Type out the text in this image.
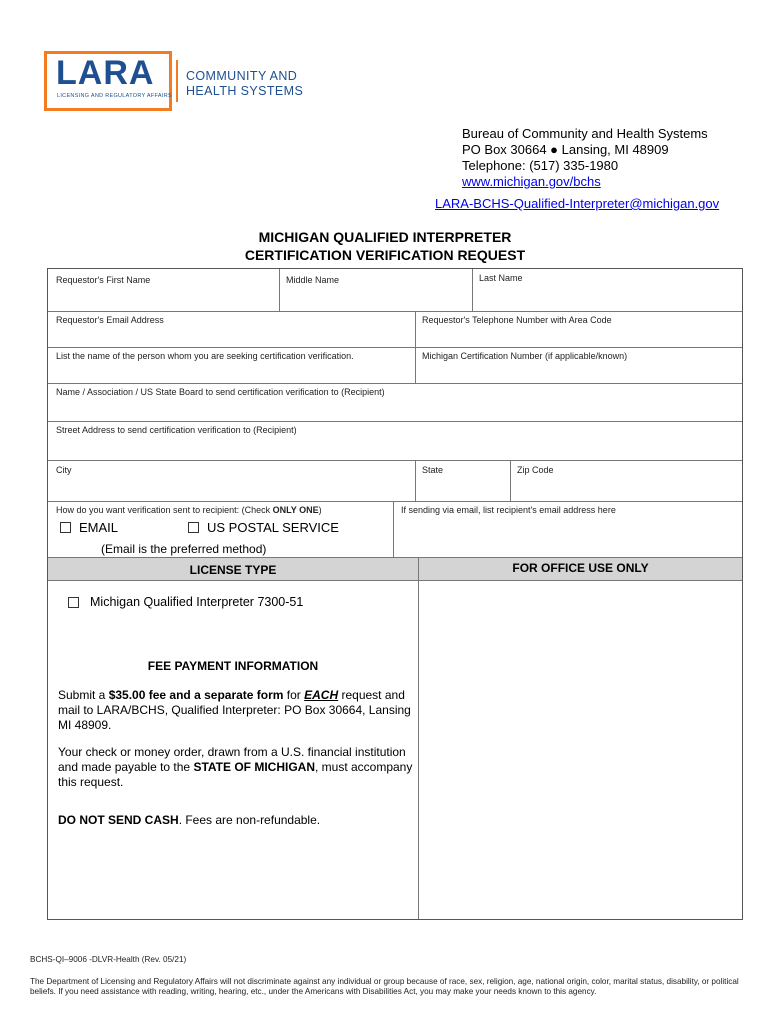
LARA
LICENSING AND REGULATORY AFFAIRS
COMMUNITY AND
HEALTH SYSTEMS
Bureau of Community and Health Systems
PO Box 30664 ● Lansing, MI 48909
Telephone: (517) 335-1980
www.michigan.gov/bchs
LARA-BCHS-Qualified-Interpreter@michigan.gov
MICHIGAN QUALIFIED INTERPRETER
CERTIFICATION VERIFICATION REQUEST
Requestor's First Name	Middle Name	Last Name
Requestor's Email Address	Requestor's Telephone Number with Area Code
List the name of the person whom you are seeking certification verification.	Michigan Certification Number (if applicable/known)
Name / Association / US State Board to send certification verification to (Recipient)
Street Address to send certification verification to (Recipient)
City	State	Zip Code
How do you want verification sent to recipient: (Check ONLY ONE)	If sending via email, list recipient's email address here
EMAIL	US POSTAL SERVICE
(Email is the preferred method)
LICENSE TYPE	FOR OFFICE USE ONLY
Michigan Qualified Interpreter 7300-51
FEE PAYMENT INFORMATION
Submit a $35.00 fee and a separate form for EACH request and mail to LARA/BCHS, Qualified Interpreter: PO Box 30664, Lansing MI 48909.
Your check or money order, drawn from a U.S. financial institution and made payable to the STATE OF MICHIGAN, must accompany this request.
DO NOT SEND CASH. Fees are non-refundable.
BCHS-QI–9006 -DLVR-Health (Rev. 05/21)
The Department of Licensing and Regulatory Affairs will not discriminate against any individual or group because of race, sex, religion, age, national origin, color, marital status, disability, or political beliefs. If you need assistance with reading, writing, hearing, etc., under the Americans with Disabilities Act, you may make your needs known to this agency.
